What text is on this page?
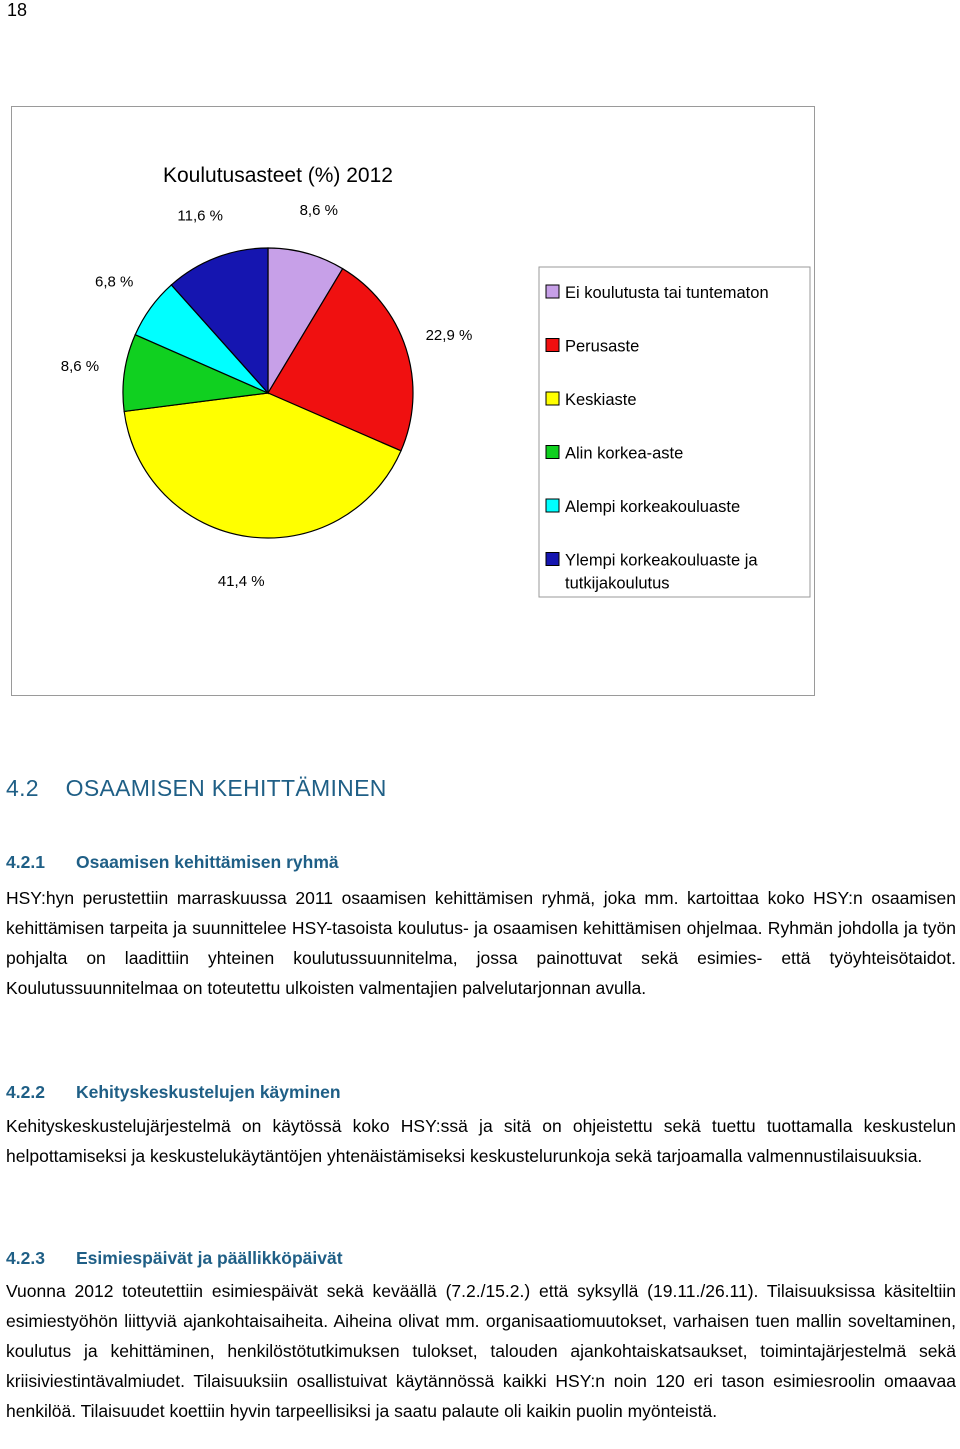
18
Koulutusasteet (%) 2012
8,6 %
22,9 %
41,4 %
8,6 %
6,8 %
11,6 %
Ei koulutusta tai tuntematon
Perusaste
Keskiaste
Alin korkea-aste
Alempi korkeakouluaste
Ylempi korkeakouluaste ja
tutkijakoulutus
4.2 OSAAMISEN KEHITTÄMINEN
4.2.1 Osaamisen kehittämisen ryhmä

HSY:hyn perustettiin marraskuussa 2011 osaamisen kehittämisen ryhmä, joka mm. kartoittaa koko HSY:n osaamisen kehittämisen tarpeita ja suunnittelee HSY-tasoista koulutus- ja osaamisen kehittämisen ohjelmaa. Ryhmän johdolla ja työn pohjalta on laadittiin yhteinen koulutussuunnitelma, jossa painottuvat sekä esimies- että työyhteisötaidot. Koulutussuunnitelmaa on toteutettu ulkoisten valmentajien palvelutarjonnan avulla.

4.2.2 Kehityskeskustelujen käyminen

Kehityskeskustelujärjestelmä on käytössä koko HSY:ssä ja sitä on ohjeistettu sekä tuettu tuottamalla keskustelun helpottamiseksi ja keskustelukäytäntöjen yhtenäistämiseksi keskustelurunkoja sekä tarjoamalla valmennustilaisuuksia.

4.2.3 Esimiespäivät ja päällikköpäivät

Vuonna 2012 toteutettiin esimiespäivät sekä keväällä (7.2./15.2.) että syksyllä (19.11./26.11). Tilaisuuksissa käsiteltiin esimiestyöhön liittyviä ajankohtaisaiheita. Aiheina olivat mm. organisaatiomuutokset, varhaisen tuen mallin soveltaminen, koulutus ja kehittäminen, henkilöstötutkimuksen tulokset, talouden ajankohtaiskatsaukset, toimintajärjestelmä sekä kriisiviestintävalmiudet. Tilaisuuksiin osallistuivat käytännössä kaikki HSY:n noin 120 eri tason esimiesroolin omaavaa henkilöä. Tilaisuudet koettiin hyvin tarpeellisiksi ja saatu palaute oli kaikin puolin myönteistä.
